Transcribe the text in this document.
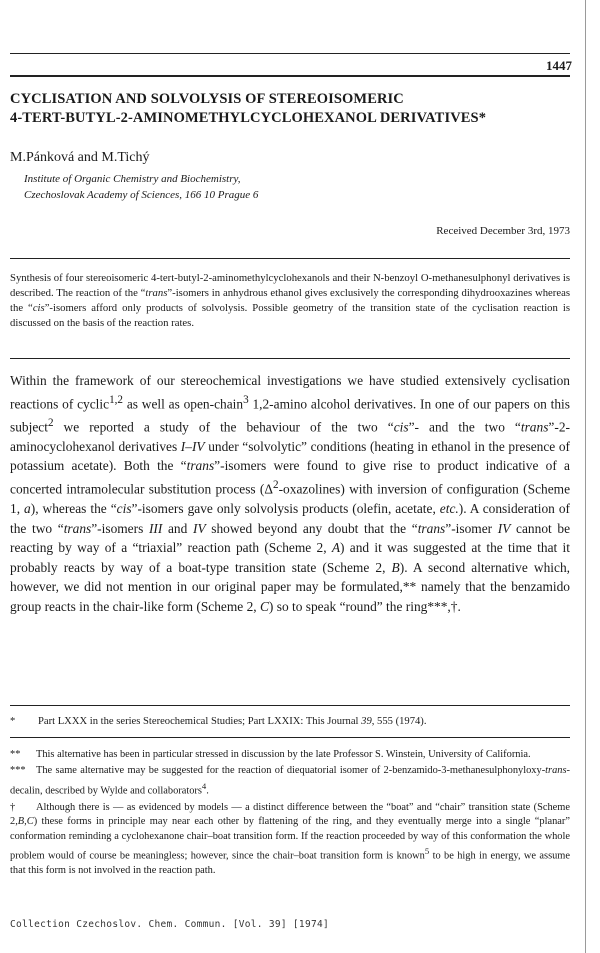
1447
CYCLISATION AND SOLVOLYSIS OF STEREOISOMERIC
4-TERT-BUTYL-2-AMINOMETHYLCYCLOHEXANOL DERIVATIVES*
M.Pánková and M.Tichý
Institute of Organic Chemistry and Biochemistry,
Czechoslovak Academy of Sciences, 166 10 Prague 6
Received December 3rd, 1973
Synthesis of four stereoisomeric 4-tert-butyl-2-aminomethylcyclohexanols and their N-benzoyl O-methanesulphonyl derivatives is described. The reaction of the “trans”-isomers in anhydrous ethanol gives exclusively the corresponding dihydrooxazines whereas the “cis”-isomers afford only products of solvolysis. Possible geometry of the transition state of the cyclisation reaction is discussed on the basis of the reaction rates.
Within the framework of our stereochemical investigations we have studied extensively cyclisation reactions of cyclic$^{1,2}$ as well as open-chain$^3$ 1,2-amino alcohol derivatives. In one of our papers on this subject$^2$ we reported a study of the behaviour of the two “cis”- and the two “trans”-2-aminocyclohexanol derivatives I–IV under “solvolytic” conditions (heating in ethanol in the presence of potassium acetate). Both the “trans”-isomers were found to give rise to product indicative of a concerted intramolecular substitution process $(\Delta^2-oxazolines)$ with inversion of configuration (Scheme 1, a), whereas the “cis”-isomers gave only solvolysis products (olefin, acetate, etc.). A consideration of the two “trans”-isomers III and IV showed beyond any doubt that the “trans”-isomer IV cannot be reacting by way of a “triaxial” reaction path (Scheme 2, A) and it was suggested at the time that it probably reacts by way of a boat-type transition state (Scheme 2, B). A second alternative which, however, we did not mention in our original paper may be formulated,** namely that the benzamido group reacts in the chair-like form (Scheme 2, C) so to speak “round” the ring***,†.
* Part LXXX in the series Stereochemical Studies; Part LXXIX: This Journal 39, 555 (1974).
** This alternative has been in particular stressed in discussion by the late Professor S. Winstein, University of California.
*** The same alternative may be suggested for the reaction of diequatorial isomer of 2-benzamido-3-methanesulphonyloxy-trans-decalin, described by Wylde and collaborators$^4$.
† Although there is — as evidenced by models — a distinct difference between the “boat” and “chair” transition state (Scheme 2,B,C) these forms in principle may near each other by flattening of the ring, and they eventually merge into a single “planar” conformation reminding a cyclohexanone chair–boat transition form. If the reaction proceeded by way of this conformation the whole problem would of course be meaningless; however, since the chair–boat transition form is known$^5$ to be high in energy, we assume that this form is not involved in the reaction path.
Collection Czechoslov. Chem. Commun. [Vol. 39] [1974]
